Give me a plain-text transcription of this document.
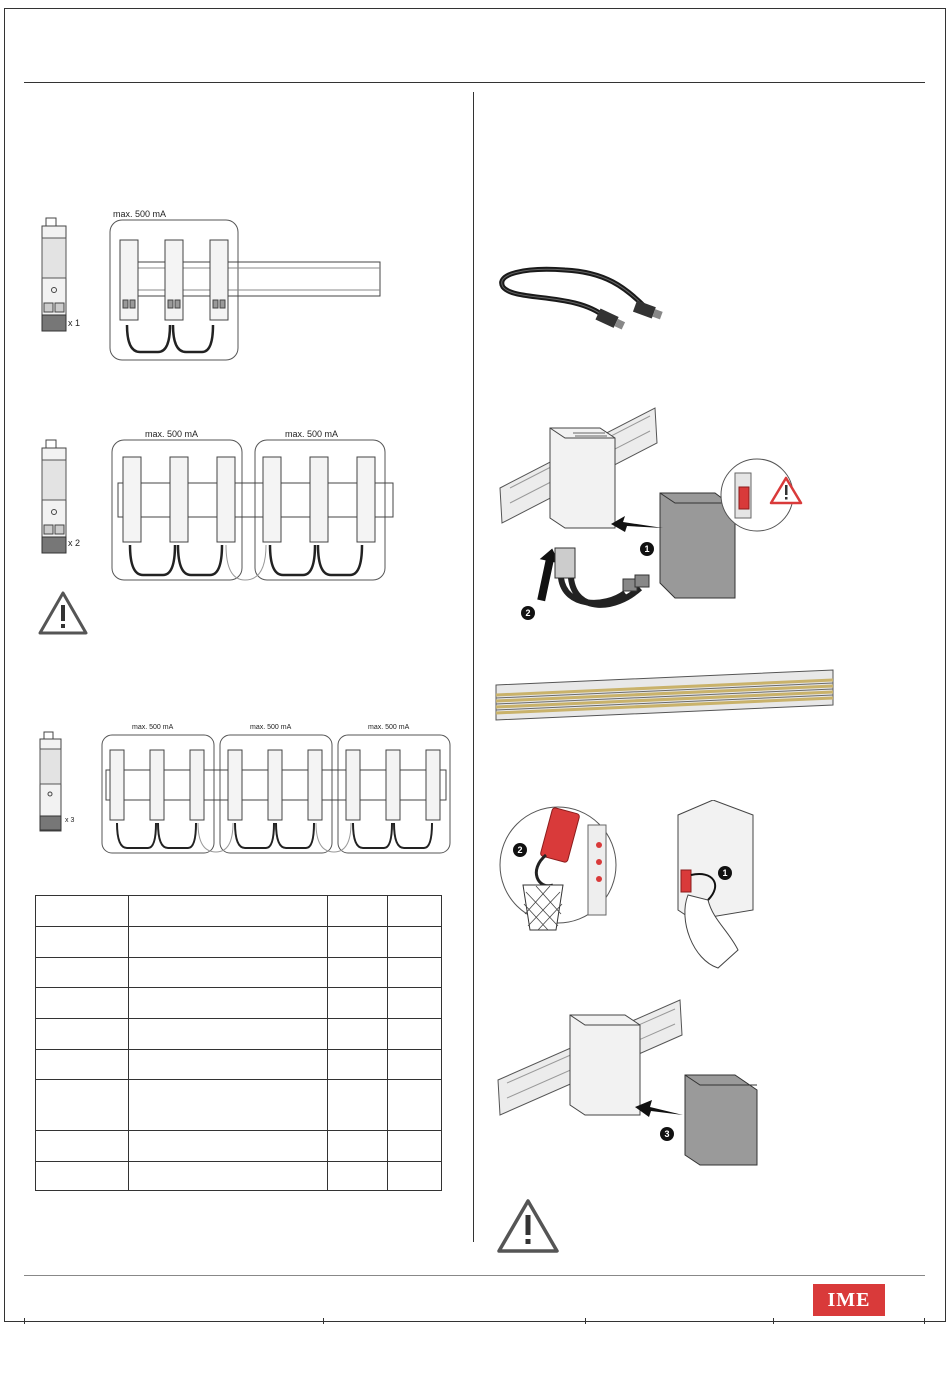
max. 500 mA
x 1
max. 500 mA	max. 500 mA
x 2
max. 500 mA	max. 500 mA	max. 500 mA
x 3

1
2
2
1
3
IME
